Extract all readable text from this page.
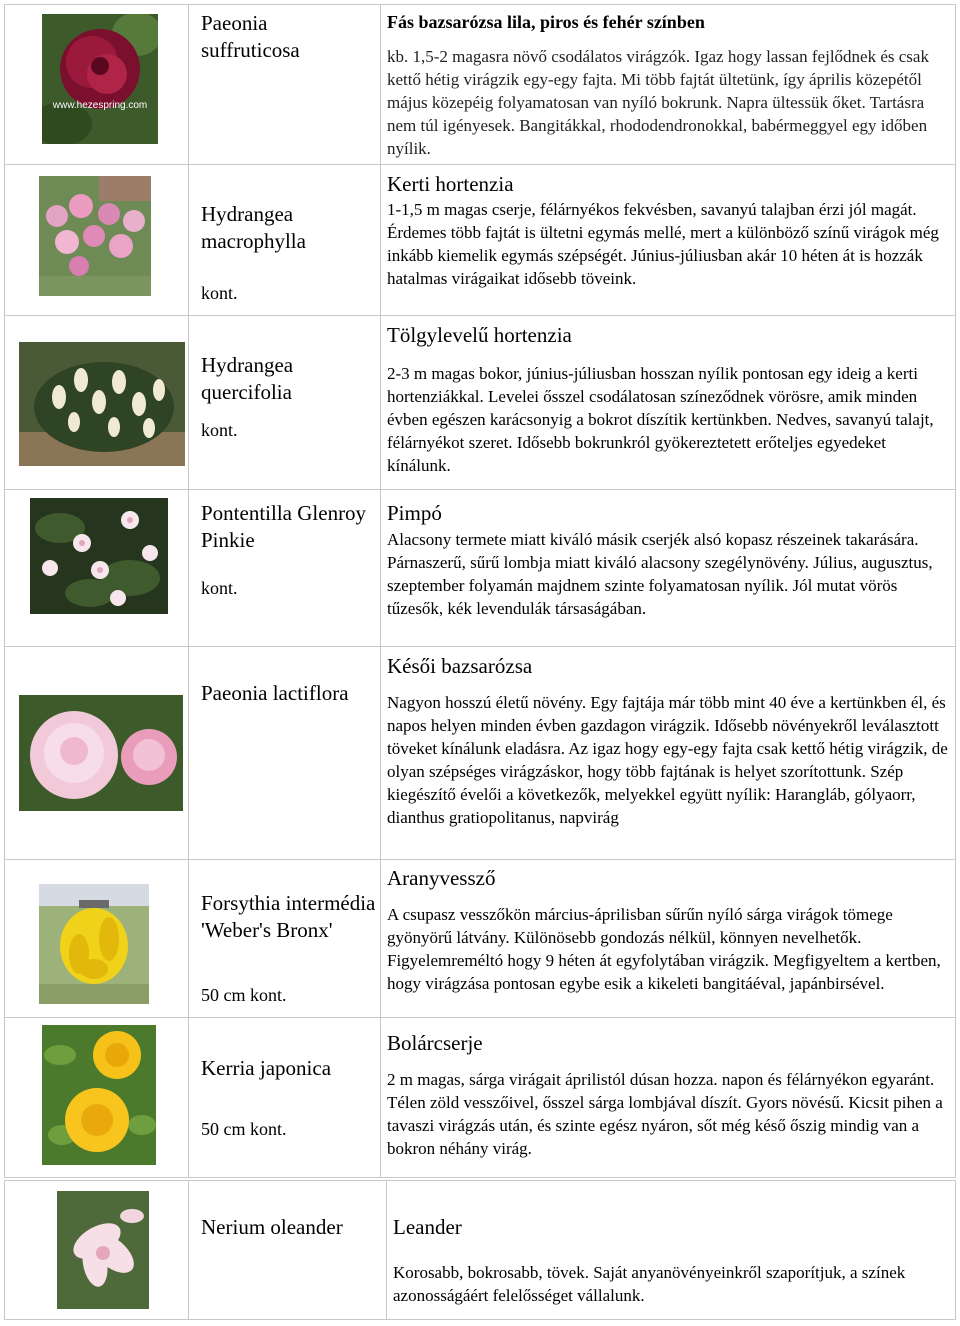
www.hezespring.com
Paeonia suffruticosa
Fás bazsarózsa lila, piros és fehér színben
kb. 1,5-2 magasra növő csodálatos virágzók. Igaz hogy lassan fejlődnek és csak kettő hétig virágzik egy-egy fajta. Mi több fajtát ültetünk, így április közepétől május közepéig folyamatosan van nyíló bokrunk. Napra ültessük őket. Tartásra nem túl igényesek. Bangitákkal, rhododendronokkal, babérmeggyel egy időben nyílik.
Hydrangea macrophylla
kont.
Kerti hortenzia
1-1,5 m magas cserje, félárnyékos fekvésben, savanyú talajban érzi jól magát. Érdemes több fajtát is ültetni egymás mellé, mert a különböző színű virágok még inkább kiemelik egymás szépségét. Június-júliusban akár 10 héten át is hozzák hatalmas virágaikat idősebb töveink.
Hydrangea quercifolia
kont.
Tölgylevelű hortenzia
2-3 m magas bokor, június-júliusban hosszan nyílik pontosan egy ideig a kerti hortenziákkal. Levelei ősszel csodálatosan színeződnek vörösre, amik minden évben egészen karácsonyig a bokrot díszítik kertünkben. Nedves, savanyú talajt, félárnyékot szeret. Idősebb bokrunkról gyökereztetett erőteljes egyedeket kínálunk.
Pontentilla Glenroy Pinkie
kont.
Pimpó
Alacsony termete miatt kiváló másik cserjék alsó kopasz részeinek takarására. Párnaszerű, sűrű lombja miatt kiváló alacsony szegélynövény. Július, augusztus, szeptember folyamán majdnem szinte folyamatosan nyílik. Jól mutat vörös tűzesők, kék levendulák társaságában.
Paeonia lactiflora
Késői bazsarózsa
Nagyon hosszú életű növény. Egy fajtája már több mint 40 éve a kertünkben él, és napos helyen minden évben gazdagon virágzik. Idősebb növényekről leválasztott töveket kínálunk eladásra. Az igaz hogy egy-egy fajta csak kettő hétig virágzik, de olyan szépséges virágzáskor, hogy több fajtának is helyet szorítottunk. Szép kiegészítő évelői a következők, melyekkel együtt nyílik: Harangláb, gólyaorr, dianthus gratiopolitanus, napvirág
Forsythia intermédia 'Weber's Bronx'
50 cm kont.
Aranyvessző
A csupasz vesszőkön március-áprilisban sűrűn nyíló sárga virágok tömege gyönyörű látvány. Különösebb gondozás nélkül, könnyen nevelhetők. Figyelemreméltó hogy 9 héten át egyfolytában virágzik. Megfigyeltem a kertben, hogy virágzása pontosan egybe esik a kikeleti bangitáéval, japánbirsével.
Kerria japonica
50 cm kont.
Bolárcserje
2 m magas, sárga virágait áprilistól dúsan hozza. napon és félárnyékon egyaránt. Télen zöld vesszőivel, ősszel sárga lombjával díszít. Gyors növésű. Kicsit pihen a tavaszi virágzás után, és szinte egész nyáron, sőt még késő őszig mindig van a bokron néhány virág.
Nerium oleander	Leander
Korosabb, bokrosabb, tövek. Saját anyanövényeinkről szaporítjuk, a színek azonosságáért felelősséget vállalunk.
